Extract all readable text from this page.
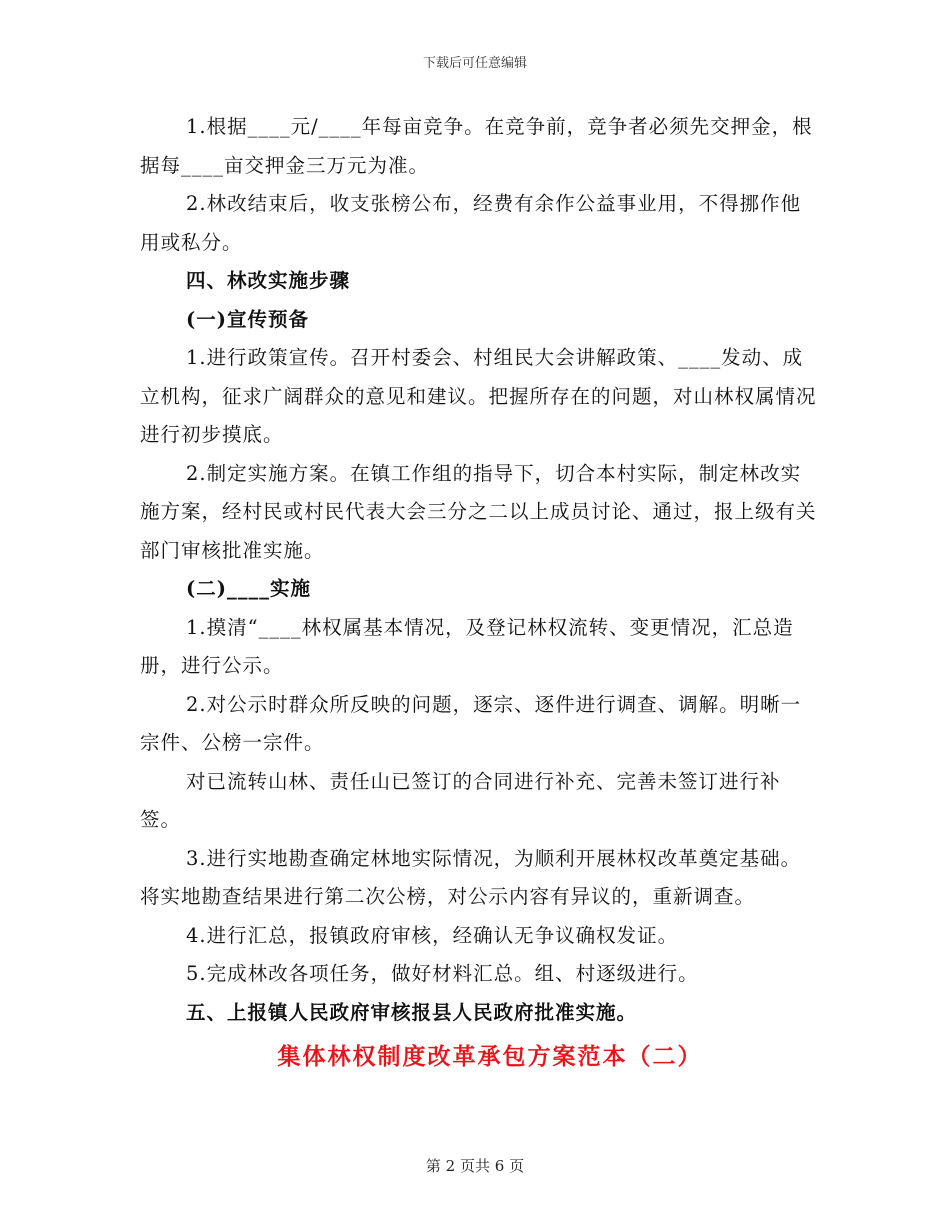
下载后可任意编辑

1.根据____元/____年每亩竞争。在竞争前，竞争者必须先交押金，根据每____亩交押金三万元为准。

2.林改结束后，收支张榜公布，经费有余作公益事业用，不得挪作他用或私分。

四、林改实施步骤

(一)宣传预备

1.进行政策宣传。召开村委会、村组民大会讲解政策、____发动、成立机构，征求广阔群众的意见和建议。把握所存在的问题，对山林权属情况进行初步摸底。

2.制定实施方案。在镇工作组的指导下，切合本村实际，制定林改实施方案，经村民或村民代表大会三分之二以上成员讨论、通过，报上级有关部门审核批准实施。

(二)____实施

1.摸清“____林权属基本情况，及登记林权流转、变更情况，汇总造册，进行公示。

2.对公示时群众所反映的问题，逐宗、逐件进行调查、调解。明晰一宗件、公榜一宗件。

对已流转山林、责任山已签订的合同进行补充、完善未签订进行补签。

3.进行实地勘查确定林地实际情况，为顺利开展林权改革奠定基础。将实地勘查结果进行第二次公榜，对公示内容有异议的，重新调查。

4.进行汇总，报镇政府审核，经确认无争议确权发证。

5.完成林改各项任务，做好材料汇总。组、村逐级进行。

五、上报镇人民政府审核报县人民政府批准实施。

集体林权制度改革承包方案范本（二）
第 2 页共 6 页
